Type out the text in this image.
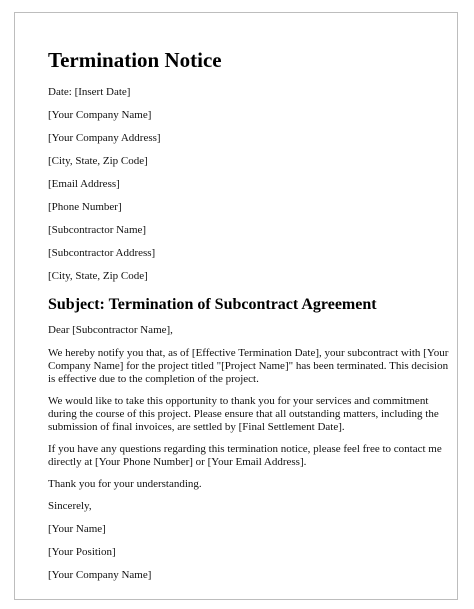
Termination Notice

Date: [Insert Date]

[Your Company Name]

[Your Company Address]

[City, State, Zip Code]

[Email Address]

[Phone Number]

[Subcontractor Name]

[Subcontractor Address]

[City, State, Zip Code]

Subject: Termination of Subcontract Agreement

Dear [Subcontractor Name],

We hereby notify you that, as of [Effective Termination Date], your subcontract with [Your Company Name] for the project titled "[Project Name]" has been terminated. This decision is effective due to the completion of the project.

We would like to take this opportunity to thank you for your services and commitment during the course of this project. Please ensure that all outstanding matters, including the submission of final invoices, are settled by [Final Settlement Date].

If you have any questions regarding this termination notice, please feel free to contact me directly at [Your Phone Number] or [Your Email Address].

Thank you for your understanding.

Sincerely,

[Your Name]

[Your Position]

[Your Company Name]
